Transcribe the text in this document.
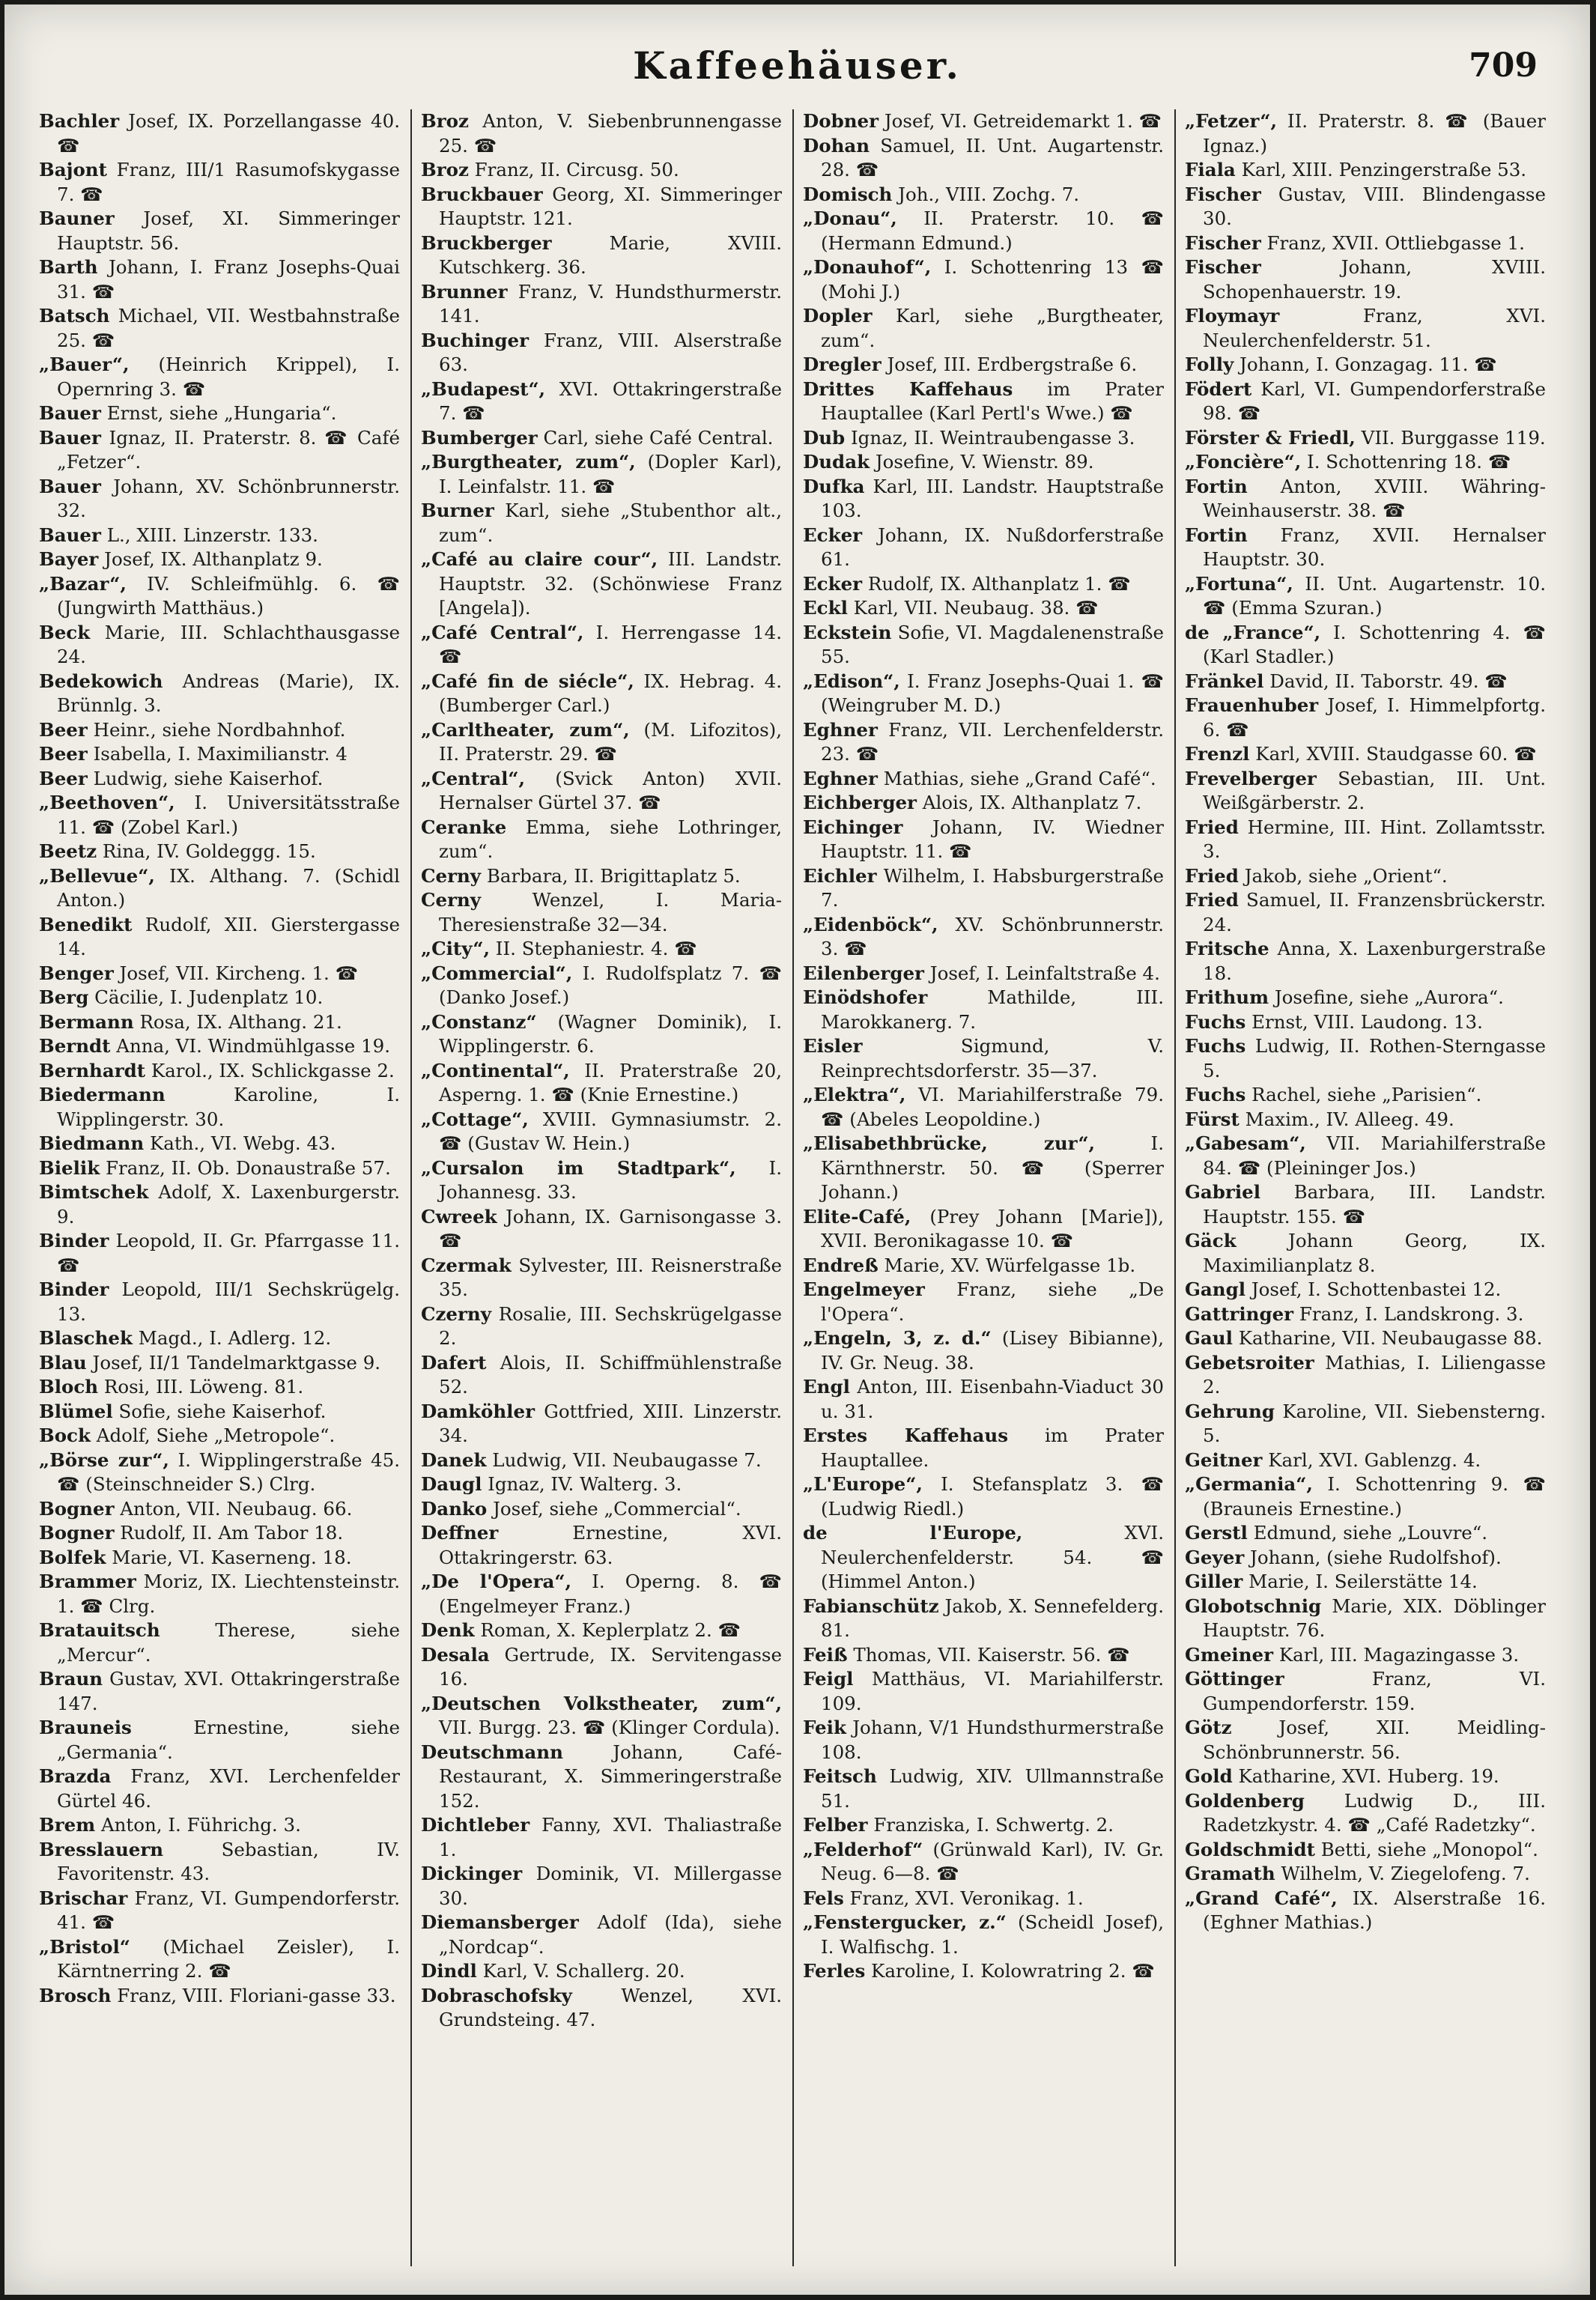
Kaffeehäuser.	709
Bachler Josef, IX. Porzellangasse 40. ☎
Bajont Franz, III/1 Rasumofskygasse 7. ☎
Bauner Josef, XI. Simmeringer Hauptstr. 56.
Barth Johann, I. Franz Josephs-Quai 31. ☎
Batsch Michael, VII. Westbahnstraße 25. ☎
„Bauer“, (Heinrich Krippel), I. Opernring 3. ☎
Bauer Ernst, siehe „Hungaria“.
Bauer Ignaz, II. Praterstr. 8. ☎ Café „Fetzer“.
Bauer Johann, XV. Schönbrunnerstr. 32.
Bauer L., XIII. Linzerstr. 133.
Bayer Josef, IX. Althanplatz 9.
„Bazar“, IV. Schleifmühlg. 6. ☎ (Jungwirth Matthäus.)
Beck Marie, III. Schlachthausgasse 24.
Bedekowich Andreas (Marie), IX. Brünnlg. 3.
Beer Heinr., siehe Nordbahnhof.
Beer Isabella, I. Maximilianstr. 4
Beer Ludwig, siehe Kaiserhof.
„Beethoven“, I. Universitätsstraße 11. ☎ (Zobel Karl.)
Beetz Rina, IV. Goldeggg. 15.
„Bellevue“, IX. Althang. 7. (Schidl Anton.)
Benedikt Rudolf, XII. Gierstergasse 14.
Benger Josef, VII. Kircheng. 1. ☎
Berg Cäcilie, I. Judenplatz 10.
Bermann Rosa, IX. Althang. 21.
Berndt Anna, VI. Windmühlgasse 19.
Bernhardt Karol., IX. Schlickgasse 2.
Biedermann	Karoline, I. Wipplingerstr. 30.
Biedmann Kath., VI. Webg. 43.
Bielik Franz, II. Ob. Donaustraße 57.
Bimtschek Adolf, X. Laxenburgerstr. 9.
Binder Leopold, II. Gr. Pfarrgasse 11. ☎
Binder Leopold, III/1 Sechskrügelg. 13.
Blaschek Magd., I. Adlerg. 12.
Blau Josef, II/1 Tandelmarktgasse 9.
Bloch Rosi, III. Löweng. 81.
Blümel Sofie, siehe Kaiserhof.
Bock Adolf, Siehe „Metropole“.
„Börse zur“, I. Wipplingerstraße 45. ☎ (Steinschneider S.) Clrg.
Bogner Anton, VII. Neubaug. 66.
Bogner Rudolf, II. Am Tabor 18.
Bolfek Marie, VI. Kaserneng. 18.
Brammer Moriz, IX. Liechtensteinstr. 1. ☎ Clrg.
Bratauitsch	Therese, siehe „Mercur“.
Braun Gustav, XVI. Ottakringerstraße 147.
Brauneis	Ernestine, siehe „Germania“.
Brazda Franz, XVI. Lerchenfelder Gürtel 46.
Brem Anton, I. Führichg. 3.
Bresslauern	Sebastian, IV. Favoritenstr. 43.
Brischar Franz, VI. Gumpendorferstr. 41. ☎
„Bristol“ (Michael Zeisler), I. Kärntnerring 2. ☎
Brosch Franz, VIII. Floriani-gasse 33.
Broz Anton, V. Siebenbrunnengasse 25. ☎
Broz Franz, II. Circusg. 50.
Bruckbauer Georg, XI. Simmeringer Hauptstr. 121.
Bruckberger	Marie, XVIII. Kutschkerg. 36.
Brunner Franz, V. Hundsthurmerstr. 141.
Buchinger Franz, VIII. Alserstraße 63.
„Budapest“, XVI. Ottakringerstraße 7. ☎
Bumberger Carl, siehe Café Central.
„Burgtheater, zum“, (Dopler Karl), I. Leinfalstr. 11. ☎
Burner Karl, siehe „Stubenthor alt., zum“.
„Café au claire cour“, III. Landstr. Hauptstr. 32. (Schönwiese Franz [Angela]).
„Café Central“, I. Herrengasse 14. ☎
„Café fin de siécle“, IX. Hebrag. 4. (Bumberger Carl.)
„Carltheater, zum“, (M. Lifozitos), II. Praterstr. 29. ☎
„Central“, (Svick Anton) XVII. Hernalser Gürtel 37. ☎
Ceranke Emma, siehe Lothringer, zum“.
Cerny Barbara, II. Brigittaplatz 5.
Cerny	Wenzel, I. Maria-Theresienstraße 32—34.
„City“, II. Stephaniestr. 4. ☎
„Commercial“, I. Rudolfsplatz 7. ☎ (Danko Josef.)
„Constanz“ (Wagner Dominik), I. Wipplingerstr. 6.
„Continental“, II. Praterstraße 20, Asperng. 1. ☎ (Knie Ernestine.)
„Cottage“, XVIII. Gymnasiumstr. 2. ☎ (Gustav W. Hein.)
„Cursalon im Stadtpark“, I. Johannesg. 33.
Cwreek Johann, IX. Garnisongasse 3. ☎
Czermak Sylvester, III. Reisnerstraße 35.
Czerny Rosalie, III. Sechskrügelgasse 2.
Dafert Alois, II. Schiffmühlenstraße 52.
Damköhler Gottfried, XIII. Linzerstr. 34.
Danek Ludwig, VII. Neubaugasse 7.
Daugl Ignaz, IV. Walterg. 3.
Danko Josef, siehe „Commercial“.
Deffner	Ernestine, XVI. Ottakringerstr. 63.
„De l'Opera“, I. Operng. 8. ☎ (Engelmeyer Franz.)
Denk Roman, X. Keplerplatz 2. ☎
Desala Gertrude, IX. Servitengasse 16.
„Deutschen Volkstheater, zum“, VII. Burgg. 23. ☎ (Klinger Cordula).
Deutschmann	Johann, Café-Restaurant, X. Simmeringerstraße 152.
Dichtleber Fanny, XVI. Thaliastraße 1.
Dickinger Dominik, VI. Millergasse 30.
Diemansberger Adolf (Ida), siehe „Nordcap“.
Dindl Karl, V. Schallerg. 20.
Dobraschofsky	Wenzel, XVI. Grundsteing. 47.
Dobner Josef, VI. Getreidemarkt 1. ☎
Dohan Samuel, II. Unt. Augartenstr. 28. ☎
Domisch Joh., VIII. Zochg. 7.
„Donau“, II. Praterstr. 10. ☎ (Hermann Edmund.)
„Donauhof“, I. Schottenring 13 ☎ (Mohi J.)
Dopler Karl, siehe „Burgtheater, zum“.
Dregler Josef, III. Erdbergstraße 6.
Drittes Kaffehaus im Prater Hauptallee (Karl Pertl's Wwe.) ☎
Dub Ignaz, II. Weintraubengasse 3.
Dudak Josefine, V. Wienstr. 89.
Dufka Karl, III. Landstr. Hauptstraße 103.
Ecker Johann, IX. Nußdorferstraße 61.
Ecker Rudolf, IX. Althanplatz 1. ☎
Eckl Karl, VII. Neubaug. 38. ☎
Eckstein Sofie, VI. Magdalenenstraße 55.
„Edison“, I. Franz Josephs-Quai 1. ☎ (Weingruber M. D.)
Eghner Franz, VII. Lerchenfelderstr. 23. ☎
Eghner Mathias, siehe „Grand Café“.
Eichberger Alois, IX. Althanplatz 7.
Eichinger Johann, IV. Wiedner Hauptstr. 11. ☎
Eichler Wilhelm, I. Habsburgerstraße 7.
„Eidenböck“, XV. Schönbrunnerstr. 3. ☎
Eilenberger Josef, I. Leinfaltstraße 4.
Einödshofer	Mathilde, III. Marokkanerg. 7.
Eisler	Sigmund, V. Reinprechtsdorferstr. 35—37.
„Elektra“, VI. Mariahilferstraße 79. ☎ (Abeles Leopoldine.)
„Elisabethbrücke, zur“,	I. Kärnthnerstr. 50. ☎ (Sperrer Johann.)
Elite-Café, (Prey Johann [Marie]), XVII. Beronikagasse 10. ☎
Endreß Marie, XV. Würfelgasse 1b.
Engelmeyer Franz, siehe „De l'Opera“.
„Engeln, 3, z. d.“ (Lisey Bibianne), IV. Gr. Neug. 38.
Engl Anton, III. Eisenbahn-Viaduct 30 u. 31.
Erstes Kaffehaus im Prater Hauptallee.
„L'Europe“, I. Stefansplatz 3. ☎ (Ludwig Riedl.)
de l'Europe,	XVI. Neulerchenfelderstr. 54. ☎ (Himmel Anton.)
Fabianschütz Jakob, X. Sennefelderg. 81.
Feiß Thomas, VII. Kaiserstr. 56. ☎
Feigl Matthäus, VI. Mariahilferstr. 109.
Feik Johann, V/1 Hundsthurmerstraße 108.
Feitsch Ludwig, XIV. Ullmannstraße 51.
Felber Franziska, I. Schwertg. 2.
„Felderhof“ (Grünwald Karl), IV. Gr. Neug. 6—8. ☎
Fels Franz, XVI. Veronikag. 1.
„Fenstergucker, z.“ (Scheidl Josef), I. Walfischg. 1.
Ferles Karoline, I. Kolowratring 2. ☎
„Fetzer“, II. Praterstr. 8. ☎ (Bauer Ignaz.)
Fiala Karl, XIII. Penzingerstraße 53.
Fischer Gustav, VIII. Blindengasse 30.
Fischer Franz, XVII. Ottliebgasse 1.
Fischer	Johann, XVIII. Schopenhauerstr. 19.
Floymayr	Franz, XVI. Neulerchenfelderstr. 51.
Folly Johann, I. Gonzagag. 11. ☎
Födert Karl, VI. Gumpendorferstraße 98. ☎
Förster & Friedl, VII. Burggasse 119.
„Foncière“, I. Schottenring 18. ☎
Fortin Anton, XVIII. Währing-Weinhauserstr. 38. ☎
Fortin Franz, XVII. Hernalser Hauptstr. 30.
„Fortuna“, II. Unt. Augartenstr. 10. ☎ (Emma Szuran.)
de „France“, I. Schottenring 4. ☎ (Karl Stadler.)
Fränkel David, II. Taborstr. 49. ☎
Frauenhuber Josef, I. Himmelpfortg. 6. ☎
Frenzl Karl, XVIII. Staudgasse 60. ☎
Frevelberger Sebastian, III. Unt. Weißgärberstr. 2.
Fried Hermine, III. Hint. Zollamtsstr. 3.
Fried Jakob, siehe „Orient“.
Fried Samuel, II. Franzensbrückerstr. 24.
Fritsche Anna, X. Laxenburgerstraße 18.
Frithum Josefine, siehe „Aurora“.
Fuchs Ernst, VIII. Laudong. 13.
Fuchs Ludwig, II. Rothen-Sterngasse 5.
Fuchs Rachel, siehe „Parisien“.
Fürst Maxim., IV. Alleeg. 49.
„Gabesam“, VII. Mariahilferstraße 84. ☎ (Pleininger Jos.)
Gabriel Barbara, III. Landstr. Hauptstr. 155. ☎
Gäck	Johann Georg, IX. Maximilianplatz 8.
Gangl Josef, I. Schottenbastei 12.
Gattringer Franz, I. Landskrong. 3.
Gaul Katharine, VII. Neubaugasse 88.
Gebetsroiter Mathias, I. Liliengasse 2.
Gehrung Karoline, VII. Siebensterng. 5.
Geitner Karl, XVI. Gablenzg. 4.
„Germania“, I. Schottenring 9. ☎ (Brauneis Ernestine.)
Gerstl Edmund, siehe „Louvre“.
Geyer Johann, (siehe Rudolfshof).
Giller Marie, I. Seilerstätte 14.
Globotschnig Marie, XIX. Döblinger Hauptstr. 76.
Gmeiner Karl, III. Magazingasse 3.
Göttinger	Franz, VI. Gumpendorferstr. 159.
Götz	Josef, XII. Meidling-Schönbrunnerstr. 56.
Gold Katharine, XVI. Huberg. 19.
Goldenberg Ludwig D., III. Radetzkystr. 4. ☎ „Café Radetzky“.
Goldschmidt Betti, siehe „Monopol“.
Gramath Wilhelm, V. Ziegelofeng. 7.
„Grand Café“, IX. Alserstraße 16. (Eghner Mathias.)
